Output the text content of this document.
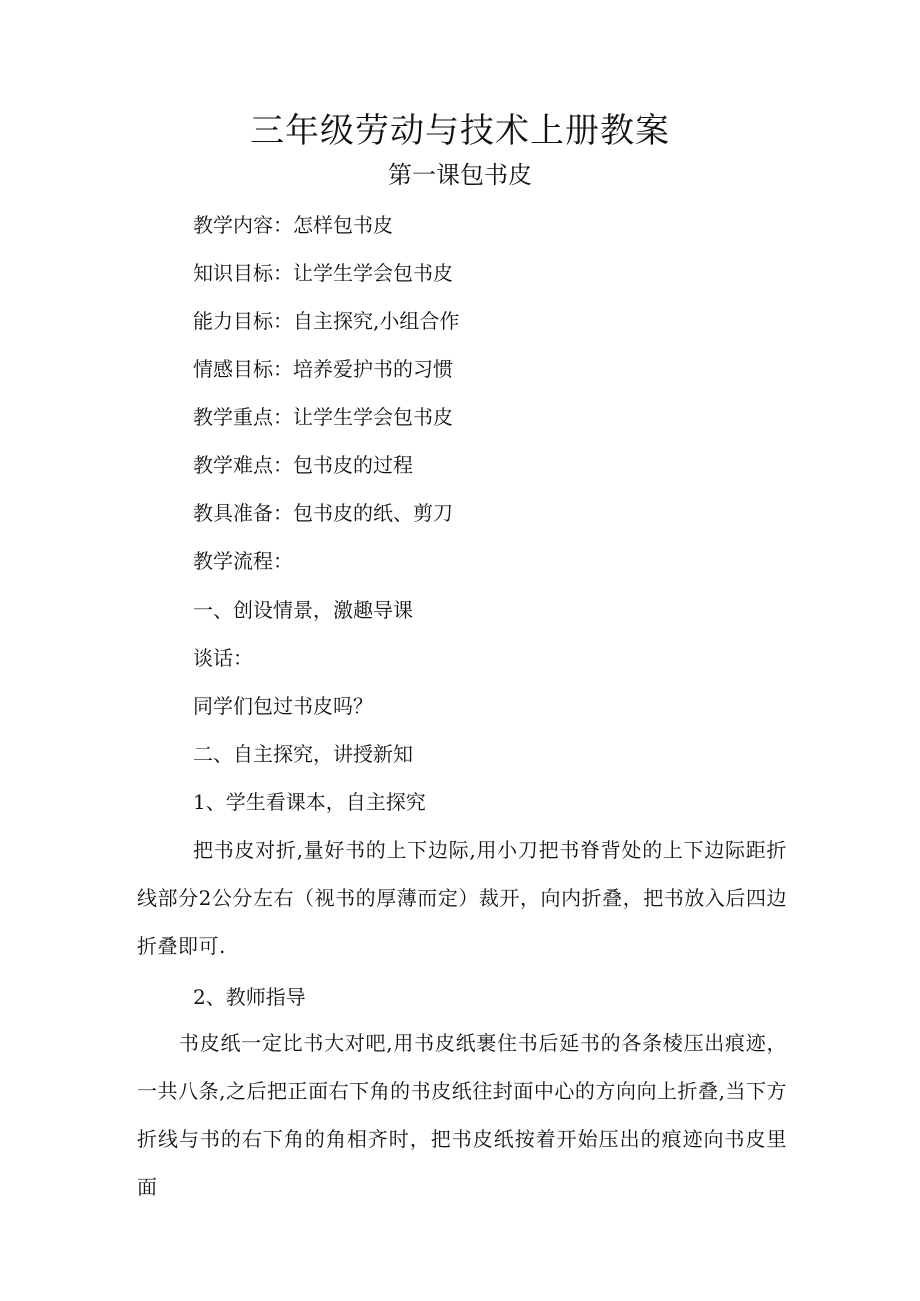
三年级劳动与技术上册教案
第一课包书皮
教学内容：怎样包书皮
知识目标：让学生学会包书皮
能力目标：自主探究,小组合作
情感目标：培养爱护书的习惯
教学重点：让学生学会包书皮
教学难点：包书皮的过程
教具准备：包书皮的纸、剪刀
教学流程：
一、创设情景，激趣导课
谈话：
同学们包过书皮吗？
二、自主探究，讲授新知
1、学生看课本，自主探究
把书皮对折,量好书的上下边际,用小刀把书脊背处的上下边际距折线部分2公分左右（视书的厚薄而定）裁开，向内折叠，把书放入后四边折叠即可.
2、教师指导
书皮纸一定比书大对吧,用书皮纸裹住书后延书的各条棱压出痕迹，一共八条,之后把正面右下角的书皮纸往封面中心的方向向上折叠,当下方折线与书的右下角的角相齐时，把书皮纸按着开始压出的痕迹向书皮里面
